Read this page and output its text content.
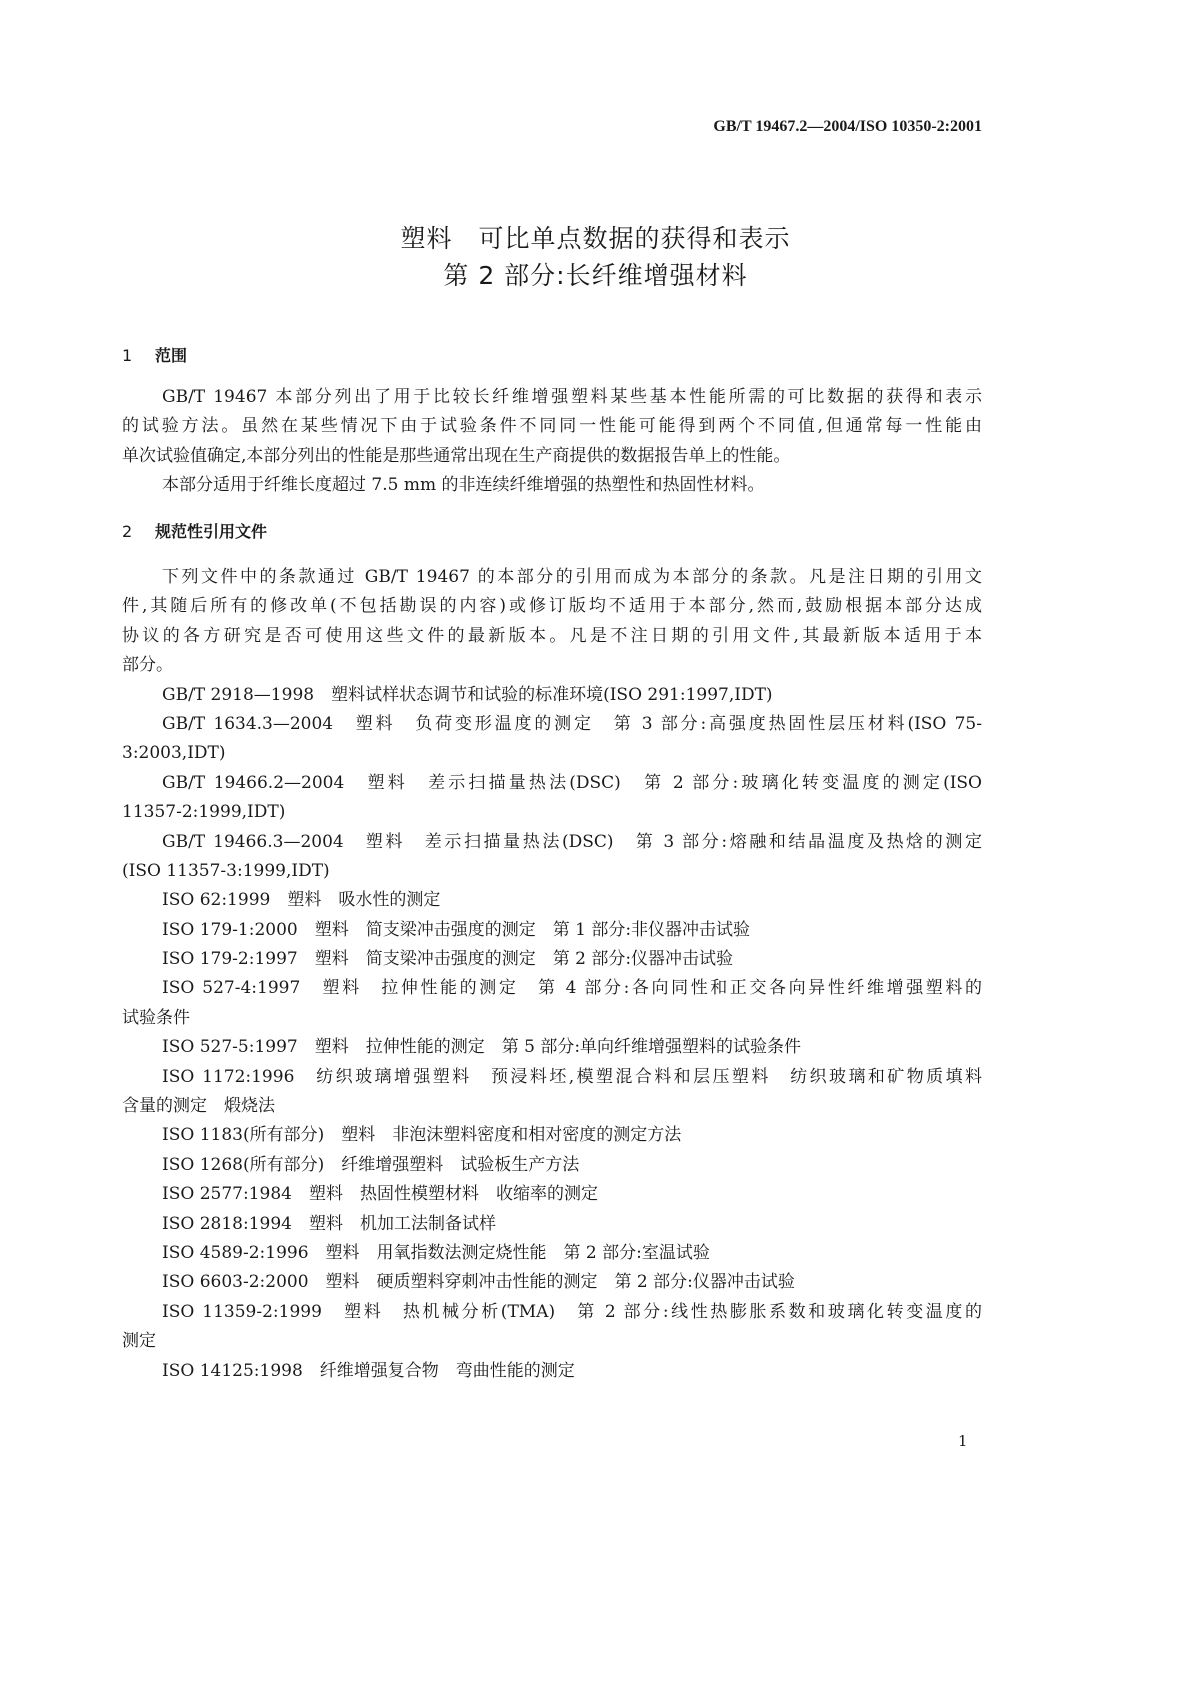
GB/T 19467.2—2004/ISO 10350-2:2001
塑料　可比单点数据的获得和表示
第 2 部分:长纤维增强材料
1 范围
GB/T 19467 本部分列出了用于比较长纤维增强塑料某些基本性能所需的可比数据的获得和表示
的试验方法。虽然在某些情况下由于试验条件不同同一性能可能得到两个不同值,但通常每一性能由
单次试验值确定,本部分列出的性能是那些通常出现在生产商提供的数据报告单上的性能。
本部分适用于纤维长度超过 7.5 mm 的非连续纤维增强的热塑性和热固性材料。
2 规范性引用文件
下列文件中的条款通过 GB/T 19467 的本部分的引用而成为本部分的条款。凡是注日期的引用文
件,其随后所有的修改单(不包括勘误的内容)或修订版均不适用于本部分,然而,鼓励根据本部分达成
协议的各方研究是否可使用这些文件的最新版本。凡是不注日期的引用文件,其最新版本适用于本
部分。
GB/T 2918—1998　塑料试样状态调节和试验的标准环境(ISO 291:1997,IDT)
GB/T 1634.3—2004　塑料　负荷变形温度的测定　第 3 部分:高强度热固性层压材料(ISO 75-
3:2003,IDT)
GB/T 19466.2—2004　塑料　差示扫描量热法(DSC)　第 2 部分:玻璃化转变温度的测定(ISO
11357-2:1999,IDT)
GB/T 19466.3—2004　塑料　差示扫描量热法(DSC)　第 3 部分:熔融和结晶温度及热焓的测定
(ISO 11357-3:1999,IDT)
ISO 62:1999　塑料　吸水性的测定
ISO 179-1:2000　塑料　简支梁冲击强度的测定　第 1 部分:非仪器冲击试验
ISO 179-2:1997　塑料　简支梁冲击强度的测定　第 2 部分:仪器冲击试验
ISO 527-4:1997　塑料　拉伸性能的测定　第 4 部分:各向同性和正交各向异性纤维增强塑料的
试验条件
ISO 527-5:1997　塑料　拉伸性能的测定　第 5 部分:单向纤维增强塑料的试验条件
ISO 1172:1996　纺织玻璃增强塑料　预浸料坯,模塑混合料和层压塑料　纺织玻璃和矿物质填料
含量的测定　煅烧法
ISO 1183(所有部分)　塑料　非泡沫塑料密度和相对密度的测定方法
ISO 1268(所有部分)　纤维增强塑料　试验板生产方法
ISO 2577:1984　塑料　热固性模塑材料　收缩率的测定
ISO 2818:1994　塑料　机加工法制备试样
ISO 4589-2:1996　塑料　用氧指数法测定烧性能　第 2 部分:室温试验
ISO 6603-2:2000　塑料　硬质塑料穿刺冲击性能的测定　第 2 部分:仪器冲击试验
ISO 11359-2:1999　塑料　热机械分析(TMA)　第 2 部分:线性热膨胀系数和玻璃化转变温度的
测定
ISO 14125:1998　纤维增强复合物　弯曲性能的测定
1
